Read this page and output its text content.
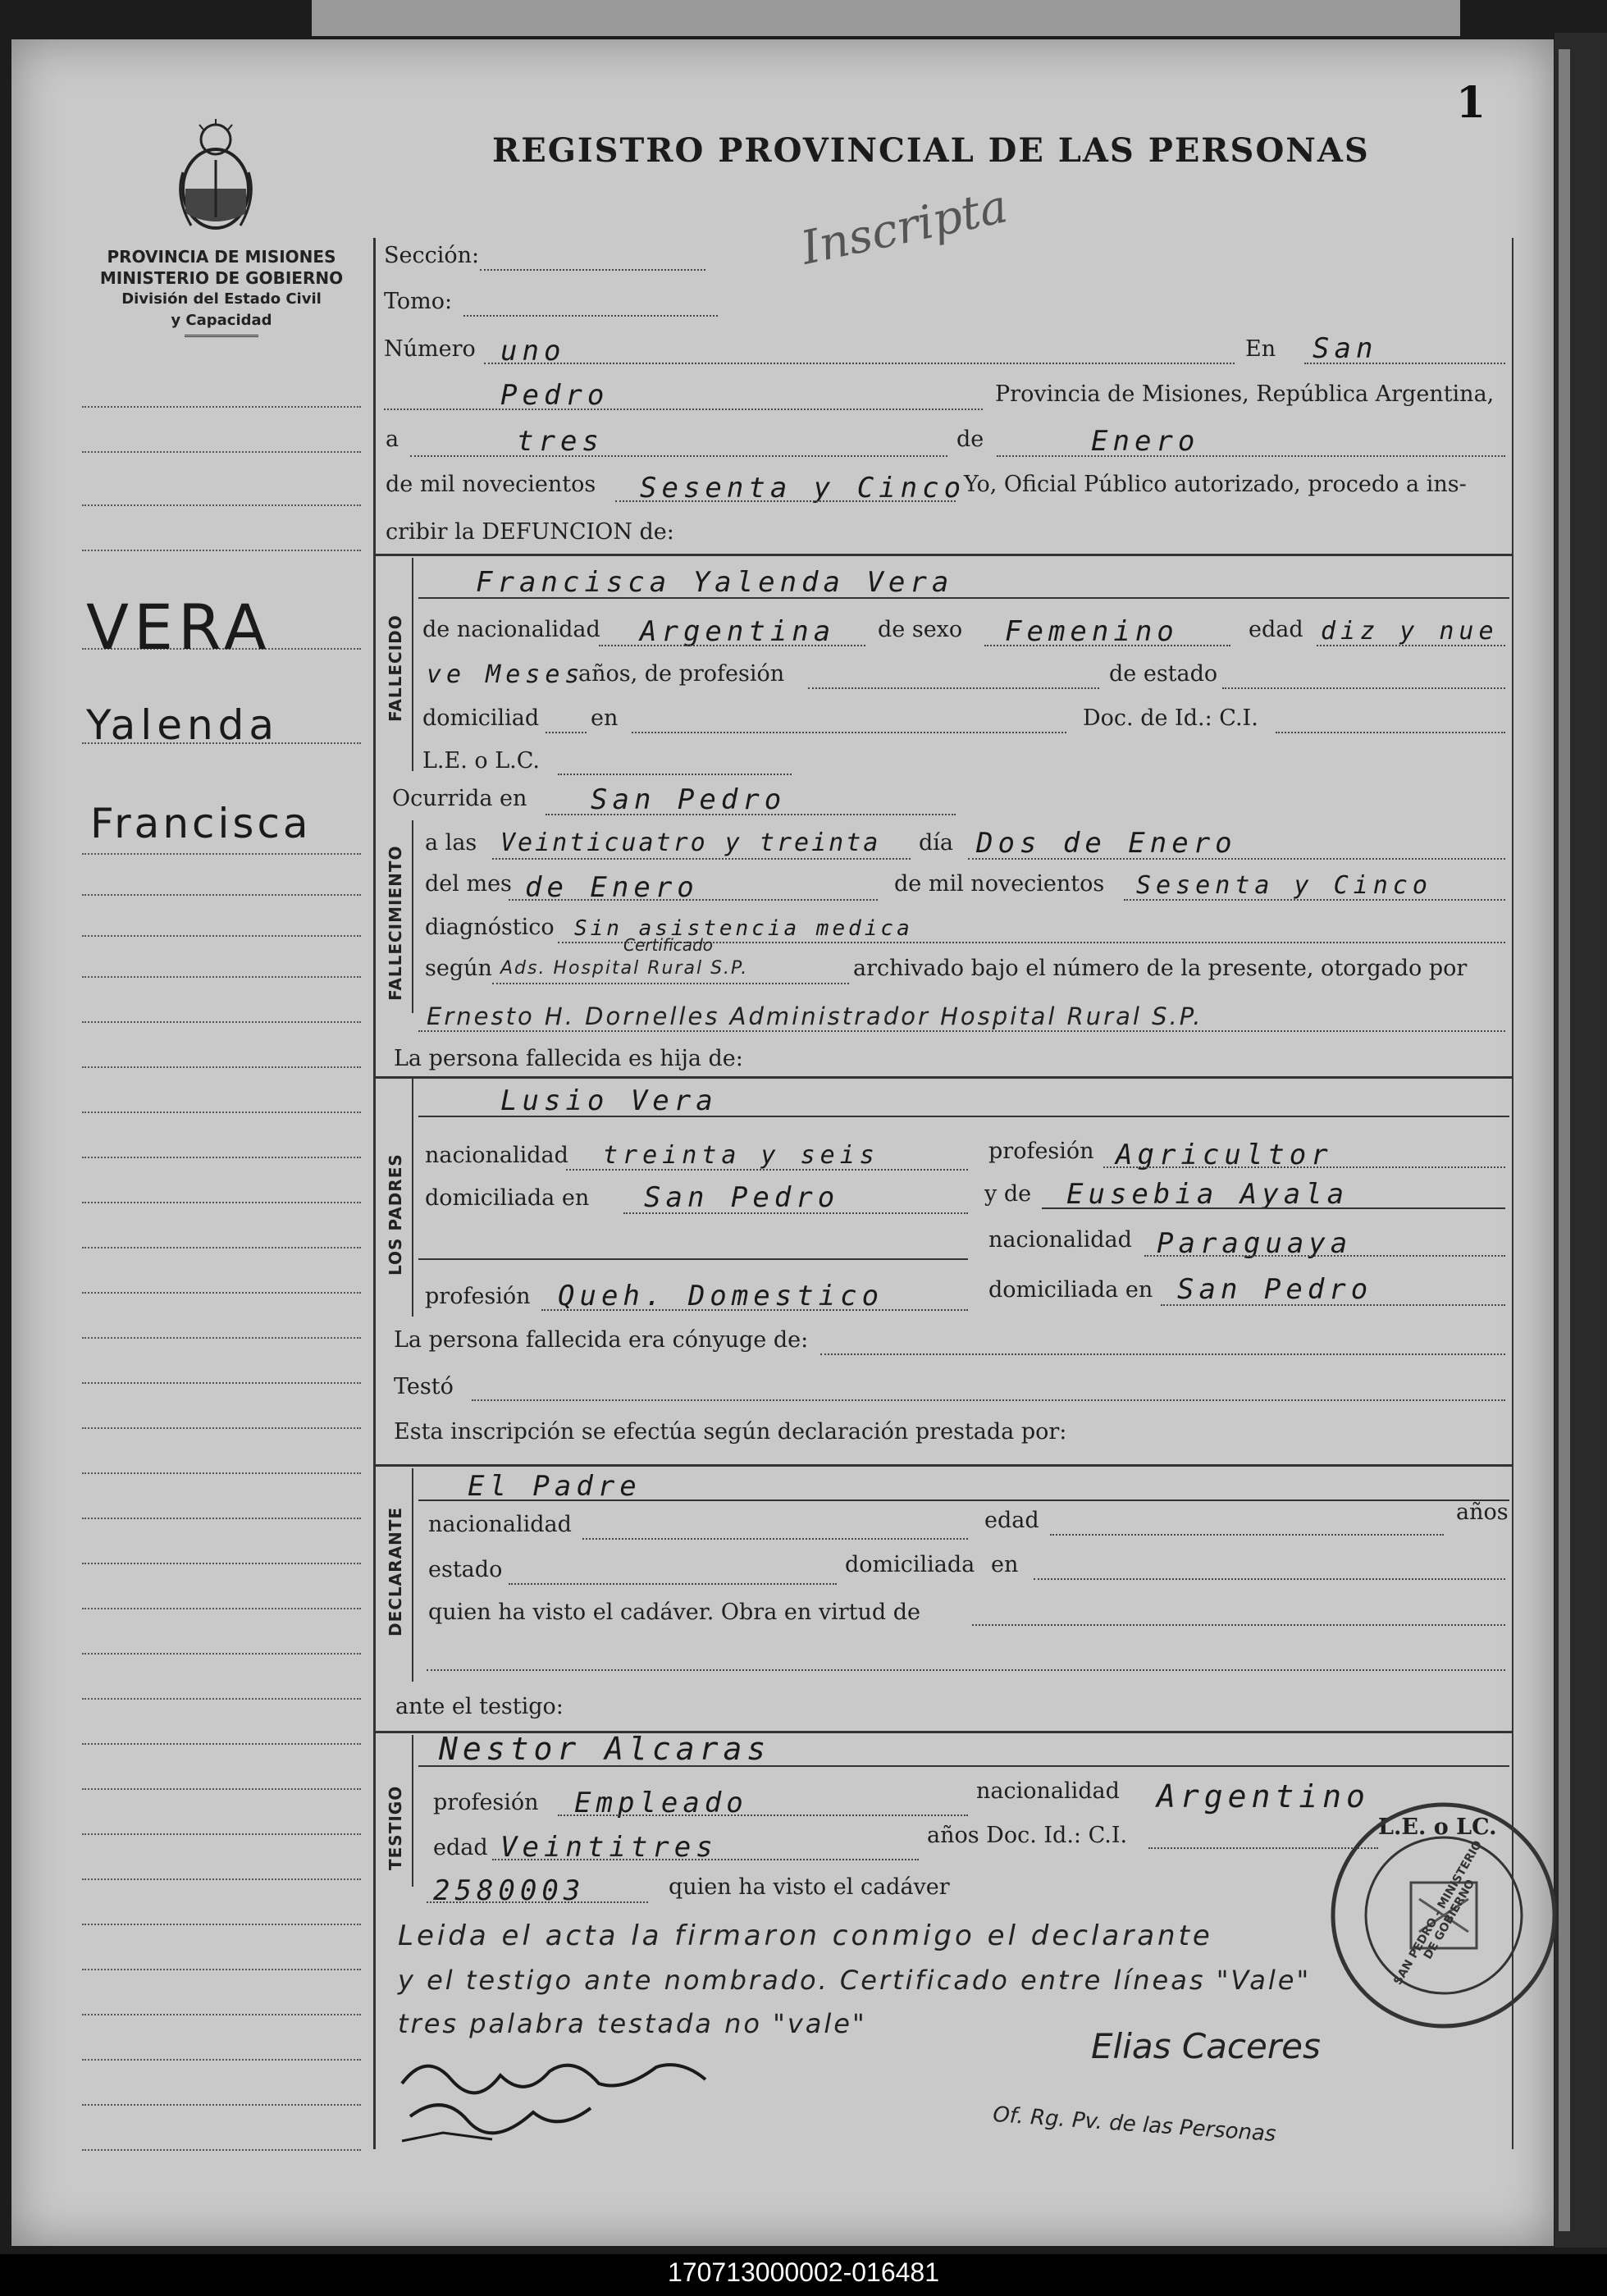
1
PROVINCIA DE MISIONES
MINISTERIO DE GOBIERNO
División del Estado Civil
y Capacidad
REGISTRO PROVINCIAL DE LAS PERSONAS
Inscripta
VERA
Yalenda
Francisca
Sección:
Tomo:
Número uno	En San
Pedro	Provincia de Misiones, República Argentina,
a	tres	de	Enero
de mil novecientos Sesenta y Cinco
Yo, Oficial Público autorizado, procedo a ins-
cribir la DEFUNCION de:
FALLECIDO
Francisca Yalenda Vera
de nacionalidad Argentina de sexo Femenino	edad diz y nue
ve Meses
años, de profesión	de estado
domiciliad en	Doc. de Id.: C.I.
L.E. o L.C.
Ocurrida en San Pedro
FALLECIMIENTO
a las Veinticuatro y treinta día Dos de Enero
del mes de Enero	de mil novecientos Sesenta y Cinco
diagnóstico Sin asistencia medica
según
Certificado
Ads. Hospital Rural S.P.	archivado bajo el número de la presente, otorgado por
Ernesto H. Dornelles Administrador Hospital Rural S.P.
La persona fallecida es hija de:
LOS PADRES
Lusio Vera
nacionalidad treinta y seis	profesión Agricultor
domiciliada en San Pedro	y de Eusebia Ayala
nacionalidad Paraguaya
profesión Queh. Domestico	domiciliada en San Pedro
La persona fallecida era cónyuge de:
Testó
Esta inscripción se efectúa según declaración prestada por:
DECLARANTE
El Padre
nacionalidad	edad	años
estado	domiciliada en
quien ha visto el cadáver. Obra en virtud de
ante el testigo:
TESTIGO
Nestor Alcaras
profesión Empleado	nacionalidad Argentino
edad Veintitres	años Doc. Id.: C.I.	L.E. o LC.
2580003	quien ha visto el cadáver
Leida el acta la firmaron conmigo el declarante
y el testigo ante nombrado. Certificado entre líneas "Vale"
tres palabra testada no "vale"
Elias Caceres
Of. Rg. Pv. de las Personas
SAN PEDRO - MINISTERIO DE GOBIERNO
170713000002-016481
